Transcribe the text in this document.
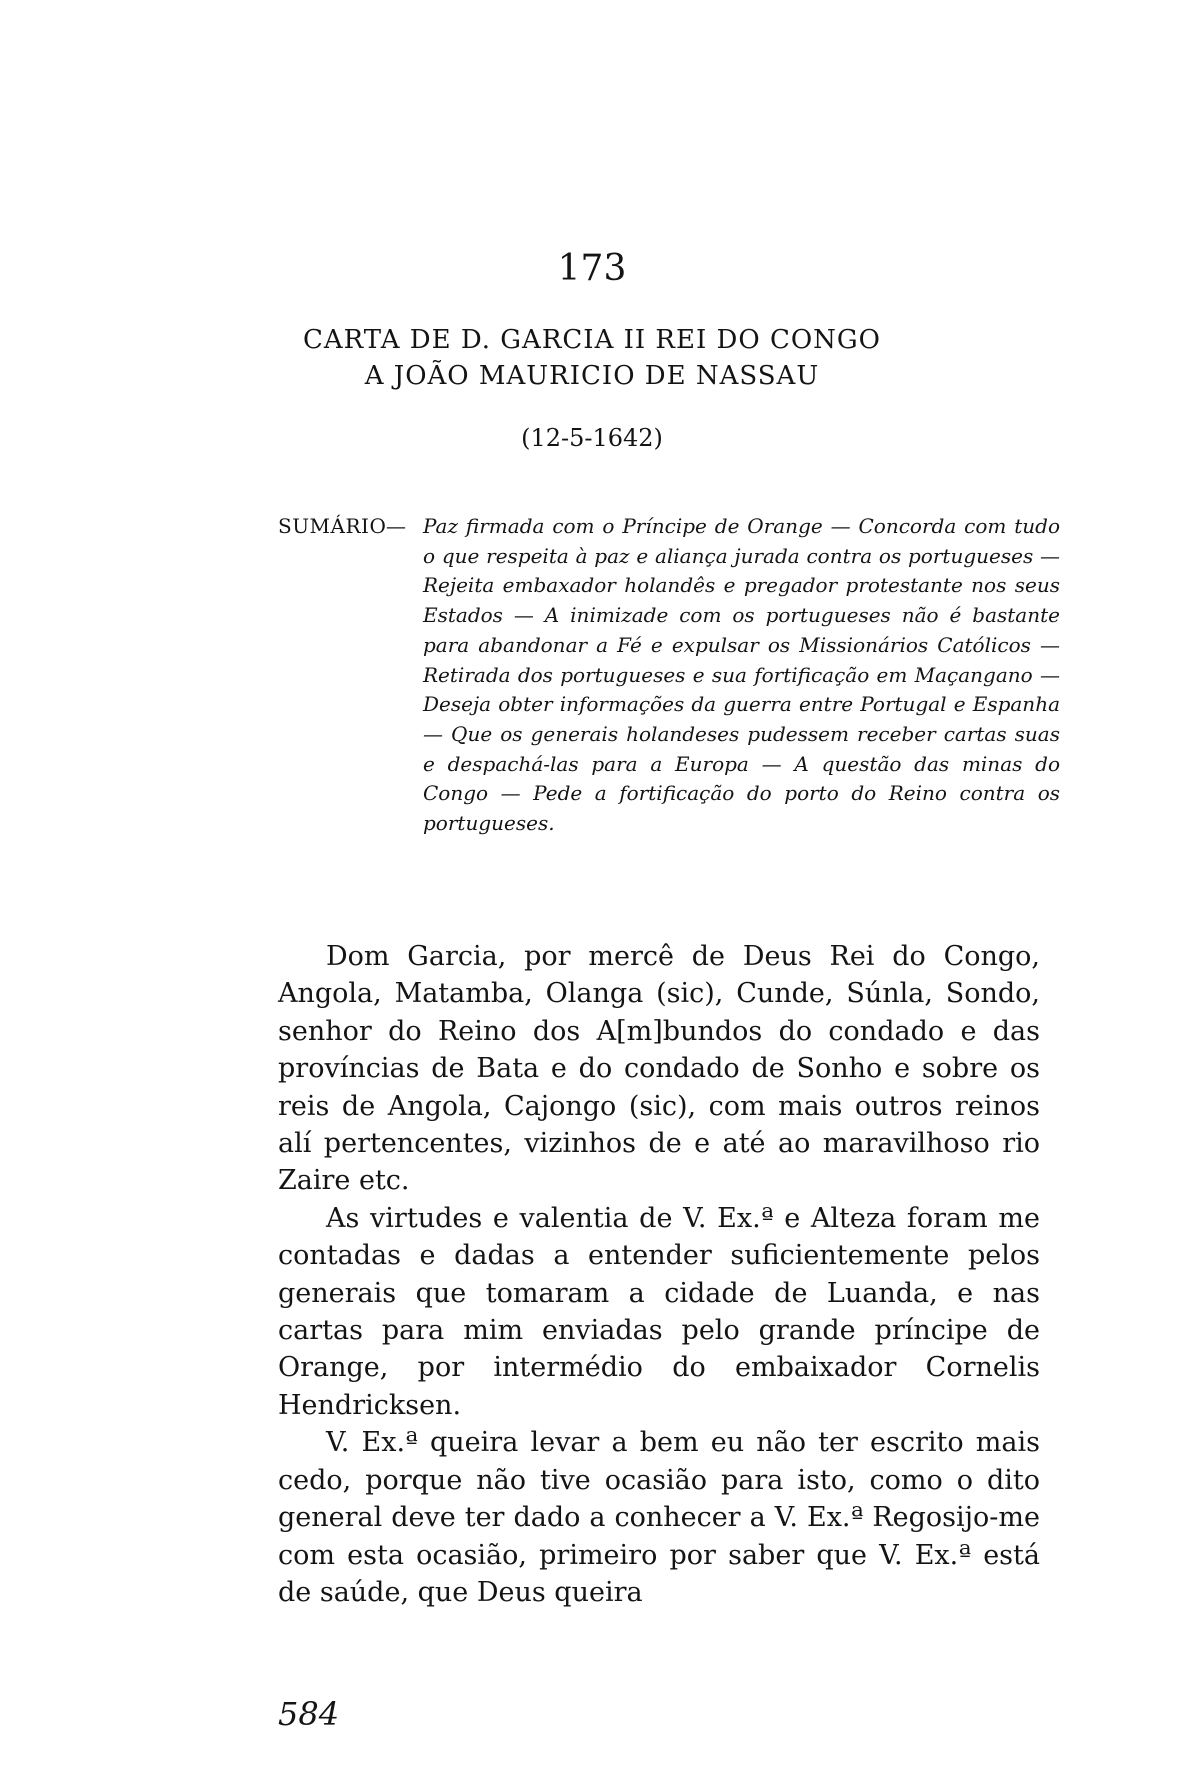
173
CARTA DE D. GARCIA II REI DO CONGO
A JOÃO MAURICIO DE NASSAU
(12-5-1642)
SUMÁRIO — Paz firmada com o Príncipe de Orange — Concorda com tudo o que respeita à paz e aliança jurada contra os portugueses — Rejeita embaxador holandês e pregador protestante nos seus Estados — A inimizade com os portugueses não é bastante para abandonar a Fé e expulsar os Missionários Católicos — Retirada dos portugueses e sua fortificação em Maçangano — Deseja obter informações da guerra entre Portugal e Espanha — Que os generais holandeses pudessem receber cartas suas e despachá-las para a Europa — A questão das minas do Congo — Pede a fortificação do porto do Reino contra os portugueses.

Dom Garcia, por mercê de Deus Rei do Congo, Angola, Matamba, Olanga (sic), Cunde, Súnla, Sondo, senhor do Reino dos A[m]bundos do condado e das províncias de Bata e do condado de Sonho e sobre os reis de Angola, Cajongo (sic), com mais outros reinos alí pertencentes, vizinhos de e até ao maravilhoso rio Zaire etc.

As virtudes e valentia de V. Ex.ª e Alteza foram me contadas e dadas a entender suficientemente pelos generais que tomaram a cidade de Luanda, e nas cartas para mim enviadas pelo grande príncipe de Orange, por intermédio do embaixador Cornelis Hendricksen.

V. Ex.ª queira levar a bem eu não ter escrito mais cedo, porque não tive ocasião para isto, como o dito general deve ter dado a conhecer a V. Ex.ª Regosijo-me com esta ocasião, primeiro por saber que V. Ex.ª está de saúde, que Deus queira

584
